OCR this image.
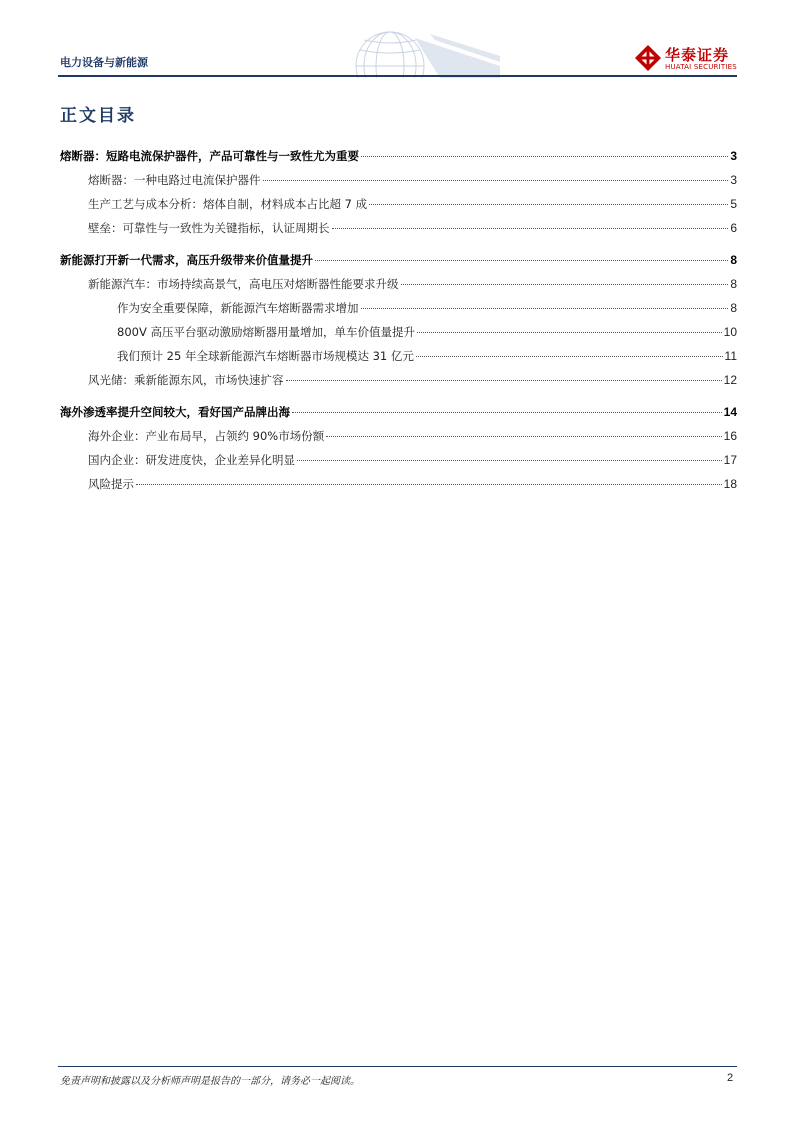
电力设备与新能源	华泰证券
HUATAI SECURITIES
正文目录
熔断器：短路电流保护器件，产品可靠性与一致性尤为重要	3
熔断器：一种电路过电流保护器件	3
生产工艺与成本分析：熔体自制，材料成本占比超 7 成	5
壁垒：可靠性与一致性为关键指标，认证周期长	6
新能源打开新一代需求，高压升级带来价值量提升	8
新能源汽车：市场持续高景气，高电压对熔断器性能要求升级	8
作为安全重要保障，新能源汽车熔断器需求增加	8
800V 高压平台驱动激励熔断器用量增加，单车价值量提升	10
我们预计 25 年全球新能源汽车熔断器市场规模达 31 亿元	11
风光储：乘新能源东风，市场快速扩容	12
海外渗透率提升空间较大，看好国产品牌出海	14
海外企业：产业布局早，占领约 90%市场份额	16
国内企业：研发进度快，企业差异化明显	17
风险提示	18
免责声明和披露以及分析师声明是报告的一部分，请务必一起阅读。	2
